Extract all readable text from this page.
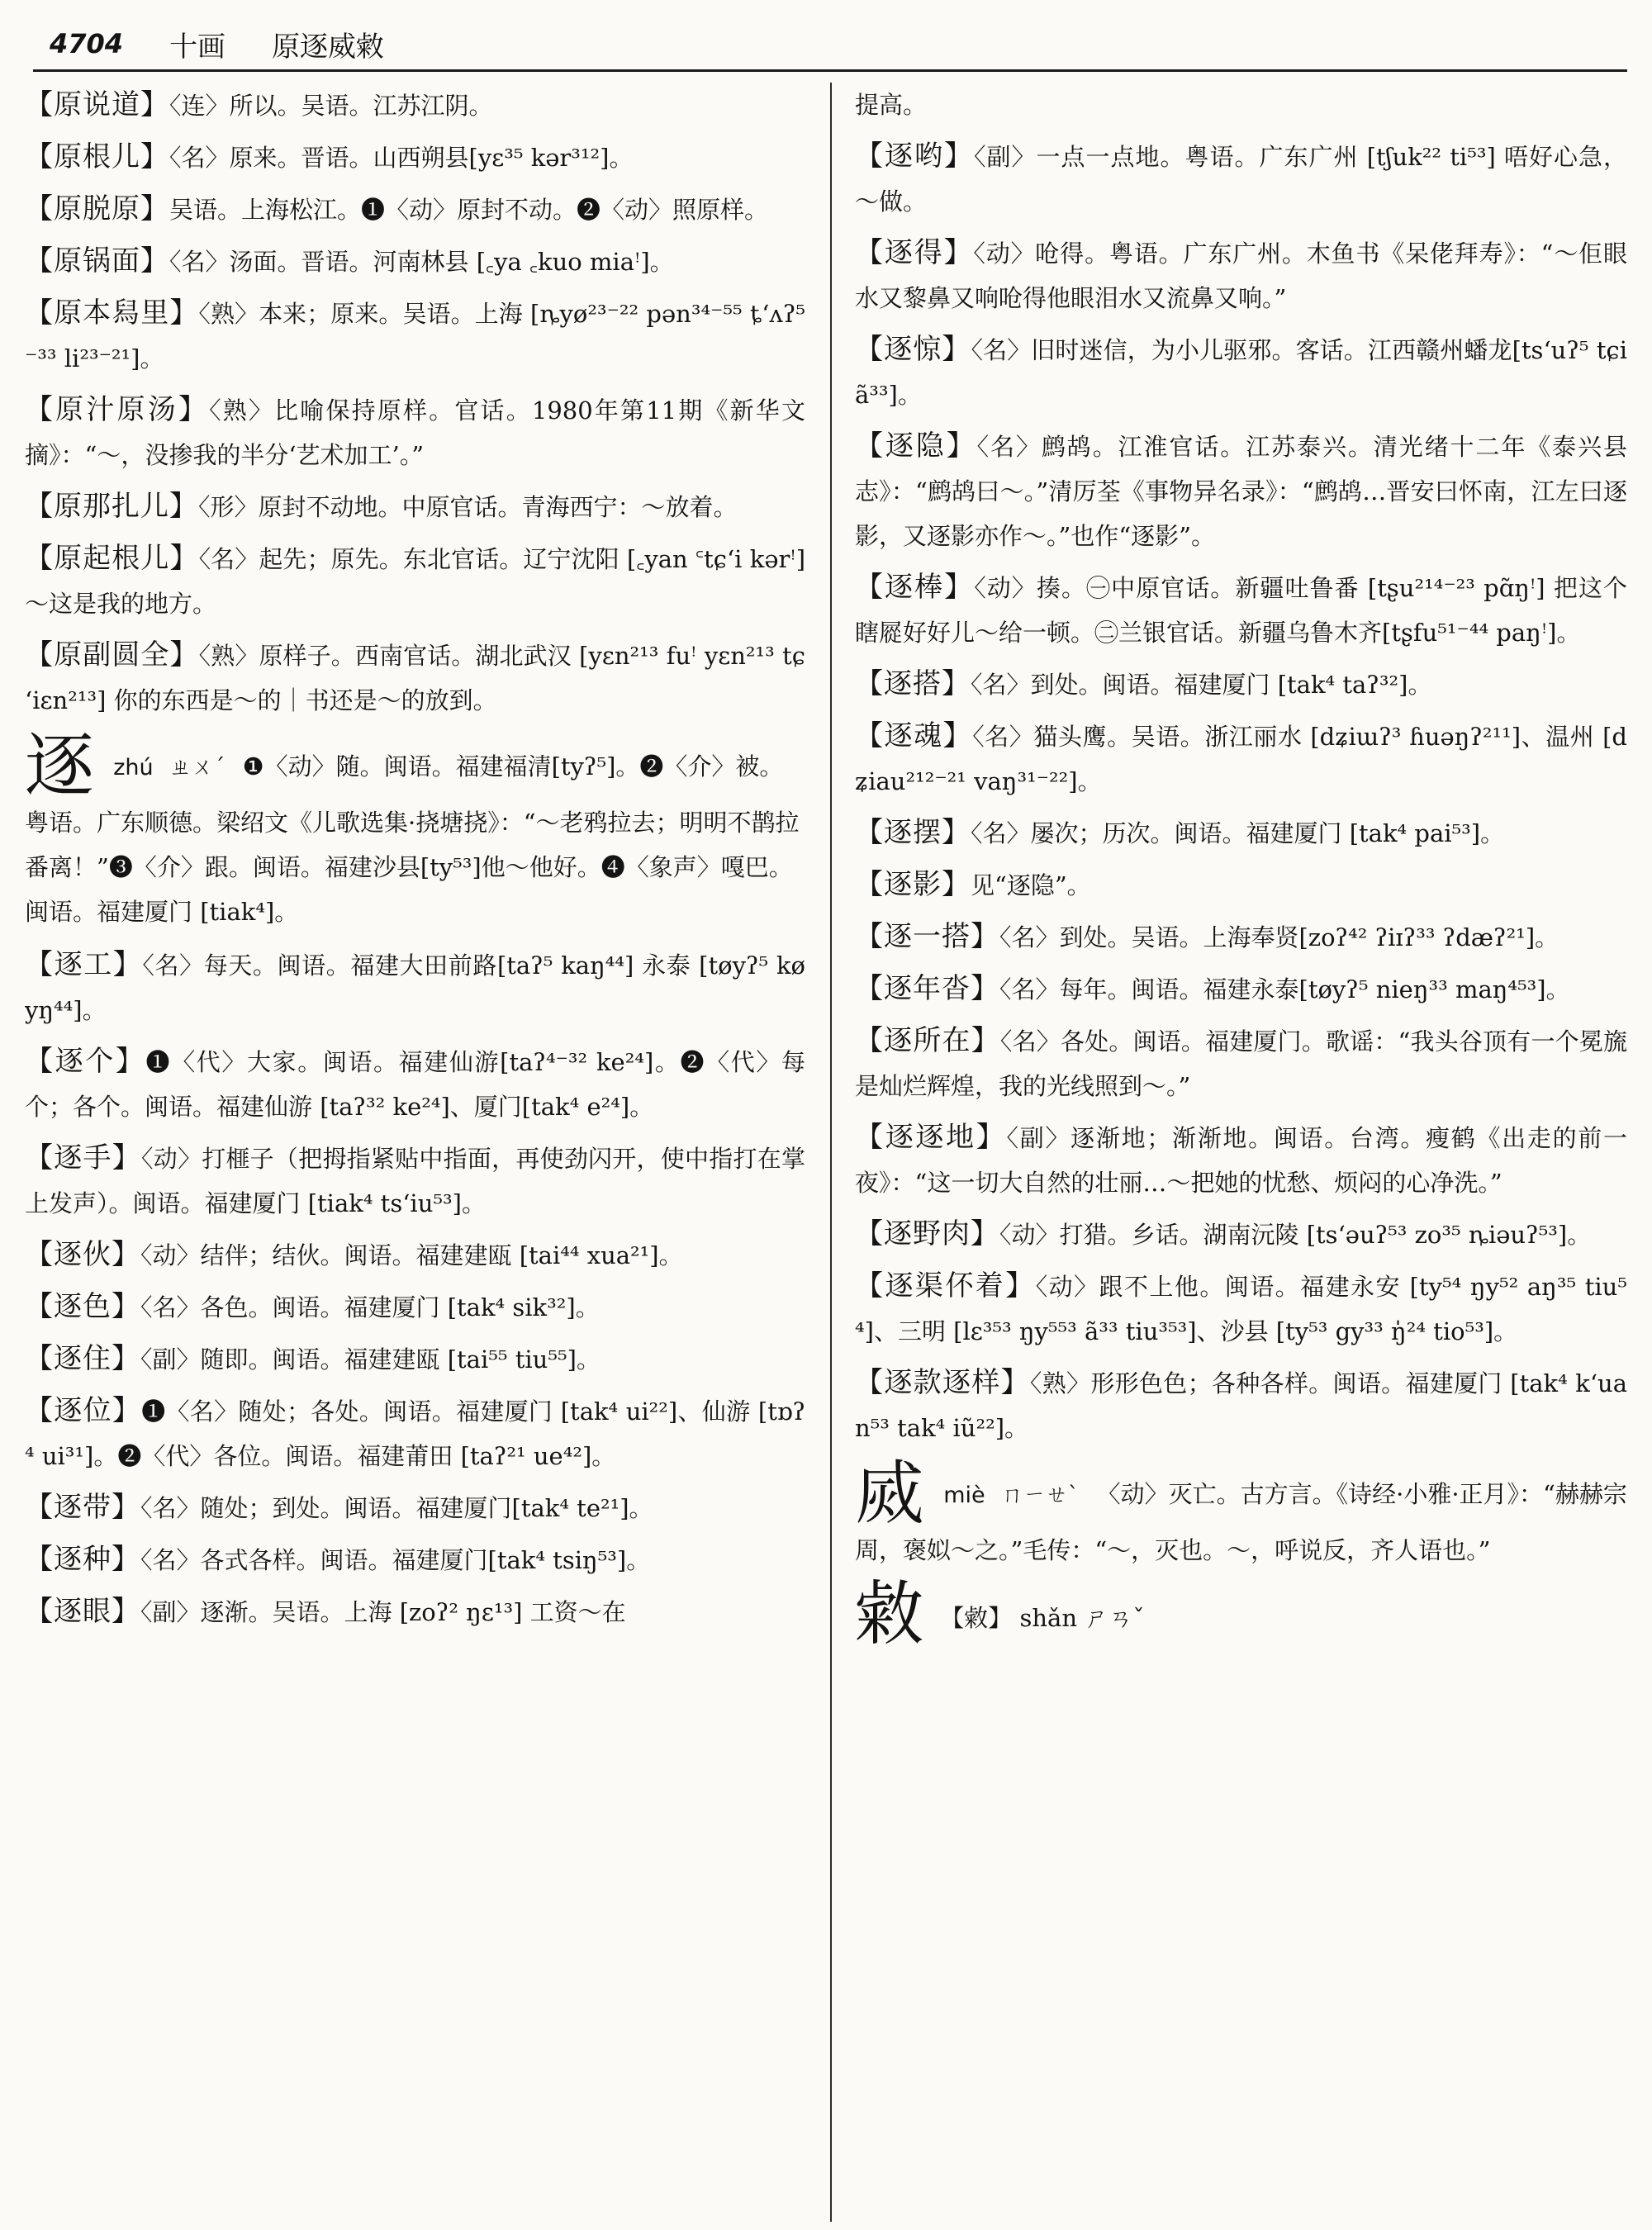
4704 十画 原逐威敹
【原说道】〈连〉所以。吴语。江苏江阴。
【原根儿】〈名〉原来。晋语。山西朔县[yɛ³⁵ kər³¹²]。
【原脱原】吴语。上海松江。❶〈动〉原封不动。❷〈动〉照原样。
【原锅面】〈名〉汤面。晋语。河南林县 [꜀ya ꜀kuo miaꜝ]。
【原本舄里】〈熟〉本来；原来。吴语。上海 [ȵyø²³⁻²² pən³⁴⁻⁵⁵ ȶʻʌʔ⁵⁻³³ li²³⁻²¹]。
【原汁原汤】〈熟〉比喻保持原样。官话。1980年第11期《新华文摘》：“～，没掺我的半分‘艺术加工’。”
【原那扎儿】〈形〉原封不动地。中原官话。青海西宁：～放着。
【原起根儿】〈名〉起先；原先。东北官话。辽宁沈阳 [꜀yan ꜂tɕʻi kərꜝ]～这是我的地方。
【原副圆全】〈熟〉原样子。西南官话。湖北武汉 [yɛn²¹³ fuꜝ yɛn²¹³ tɕʻiɛn²¹³] 你的东西是～的｜书还是～的放到。
逐 zhú ㄓㄨˊ ❶〈动〉随。闽语。福建福清[tyʔ⁵]。❷〈介〉被。粤语。广东顺德。梁绍文《儿歌选集·挠塘挠》：“～老鸦拉去；明明不鹊拉番离！”❸〈介〉跟。闽语。福建沙县[ty⁵³]他～他好。❹〈象声〉嘎巴。闽语。福建厦门 [tiak⁴]。
【逐工】〈名〉每天。闽语。福建大田前路[taʔ⁵ kaŋ⁴⁴] 永泰 [tøyʔ⁵ køyŋ⁴⁴]。
【逐个】❶〈代〉大家。闽语。福建仙游[taʔ⁴⁻³² ke²⁴]。❷〈代〉每个；各个。闽语。福建仙游 [taʔ³² ke²⁴]、厦门[tak⁴ e²⁴]。
【逐手】〈动〉打榧子（把拇指紧贴中指面，再使劲闪开，使中指打在掌上发声）。闽语。福建厦门 [tiak⁴ tsʻiu⁵³]。
【逐伙】〈动〉结伴；结伙。闽语。福建建瓯 [tai⁴⁴ xua²¹]。
【逐色】〈名〉各色。闽语。福建厦门 [tak⁴ sik³²]。
【逐住】〈副〉随即。闽语。福建建瓯 [tai⁵⁵ tiu⁵⁵]。
【逐位】❶〈名〉随处；各处。闽语。福建厦门 [tak⁴ ui²²]、仙游 [tɒʔ⁴ ui³¹]。❷〈代〉各位。闽语。福建莆田 [taʔ²¹ ue⁴²]。
【逐带】〈名〉随处；到处。闽语。福建厦门[tak⁴ te²¹]。
【逐种】〈名〉各式各样。闽语。福建厦门[tak⁴ tsiŋ⁵³]。
【逐眼】〈副〉逐渐。吴语。上海 [zoʔ² ŋɛ¹³] 工资～在
提高。
【逐哟】〈副〉一点一点地。粤语。广东广州 [tʃuk²² ti⁵³] 唔好心急，～做。
【逐得】〈动〉呛得。粤语。广东广州。木鱼书《呆佬拜寿》：“～佢眼水又黎鼻又响呛得他眼泪水又流鼻又响。”
【逐惊】〈名〉旧时迷信，为小儿驱邪。客话。江西赣州蟠龙[tsʻuʔ⁵ tɕiã³³]。
【逐隐】〈名〉鹧鸪。江淮官话。江苏泰兴。清光绪十二年《泰兴县志》：“鹧鸪曰～。”清厉荃《事物异名录》：“鹧鸪…晋安曰怀南，江左曰逐影，又逐影亦作～。”也作“逐影”。
【逐棒】〈动〉揍。㊀中原官话。新疆吐鲁番 [tʂu²¹⁴⁻²³ pɑ̃ŋꜝ] 把这个瞎㞞好好儿～给一顿。㊁兰银官话。新疆乌鲁木齐[tʂfu⁵¹⁻⁴⁴ paŋꜝ]。
【逐搭】〈名〉到处。闽语。福建厦门 [tak⁴ taʔ³²]。
【逐魂】〈名〉猫头鹰。吴语。浙江丽水 [dʑiɯʔ³ ɦuəŋʔ²¹¹]、温州 [dʑiau²¹²⁻²¹ vaŋ³¹⁻²²]。
【逐摆】〈名〉屡次；历次。闽语。福建厦门 [tak⁴ pai⁵³]。
【逐影】见“逐隐”。
【逐一搭】〈名〉到处。吴语。上海奉贤[zoʔ⁴² ʔiɪʔ³³ ʔdæʔ²¹]。
【逐年沓】〈名〉每年。闽语。福建永泰[tøyʔ⁵ nieŋ³³ maŋ⁴⁵³]。
【逐所在】〈名〉各处。闽语。福建厦门。歌谣：“我头谷顶有一个冕旒是灿烂辉煌，我的光线照到～。”
【逐逐地】〈副〉逐渐地；渐渐地。闽语。台湾。瘦鹤《出走的前一夜》：“这一切大自然的壮丽…～把她的忧愁、烦闷的心净洗。”
【逐野肉】〈动〉打猎。乡话。湖南沅陵 [tsʻəuʔ⁵³ zo³⁵ ȵiəuʔ⁵³]。
【逐渠伓着】〈动〉跟不上他。闽语。福建永安 [ty⁵⁴ ŋy⁵² aŋ³⁵ tiu⁵⁴]、三明 [lɛ³⁵³ ŋy⁵⁵³ ã³³ tiu³⁵³]、沙县 [ty⁵³ gy³³ ŋ̍²⁴ tio⁵³]。
【逐款逐样】〈熟〉形形色色；各种各样。闽语。福建厦门 [tak⁴ kʻuan⁵³ tak⁴ iũ²²]。
烕 miè ㄇㄧㄝˋ 〈动〉灭亡。古方言。《诗经·小雅·正月》：“赫赫宗周，褒姒～之。”毛传：“～，灭也。～，呼说反，齐人语也。”
敹 【敹】 shǎn ㄕㄢˇ
